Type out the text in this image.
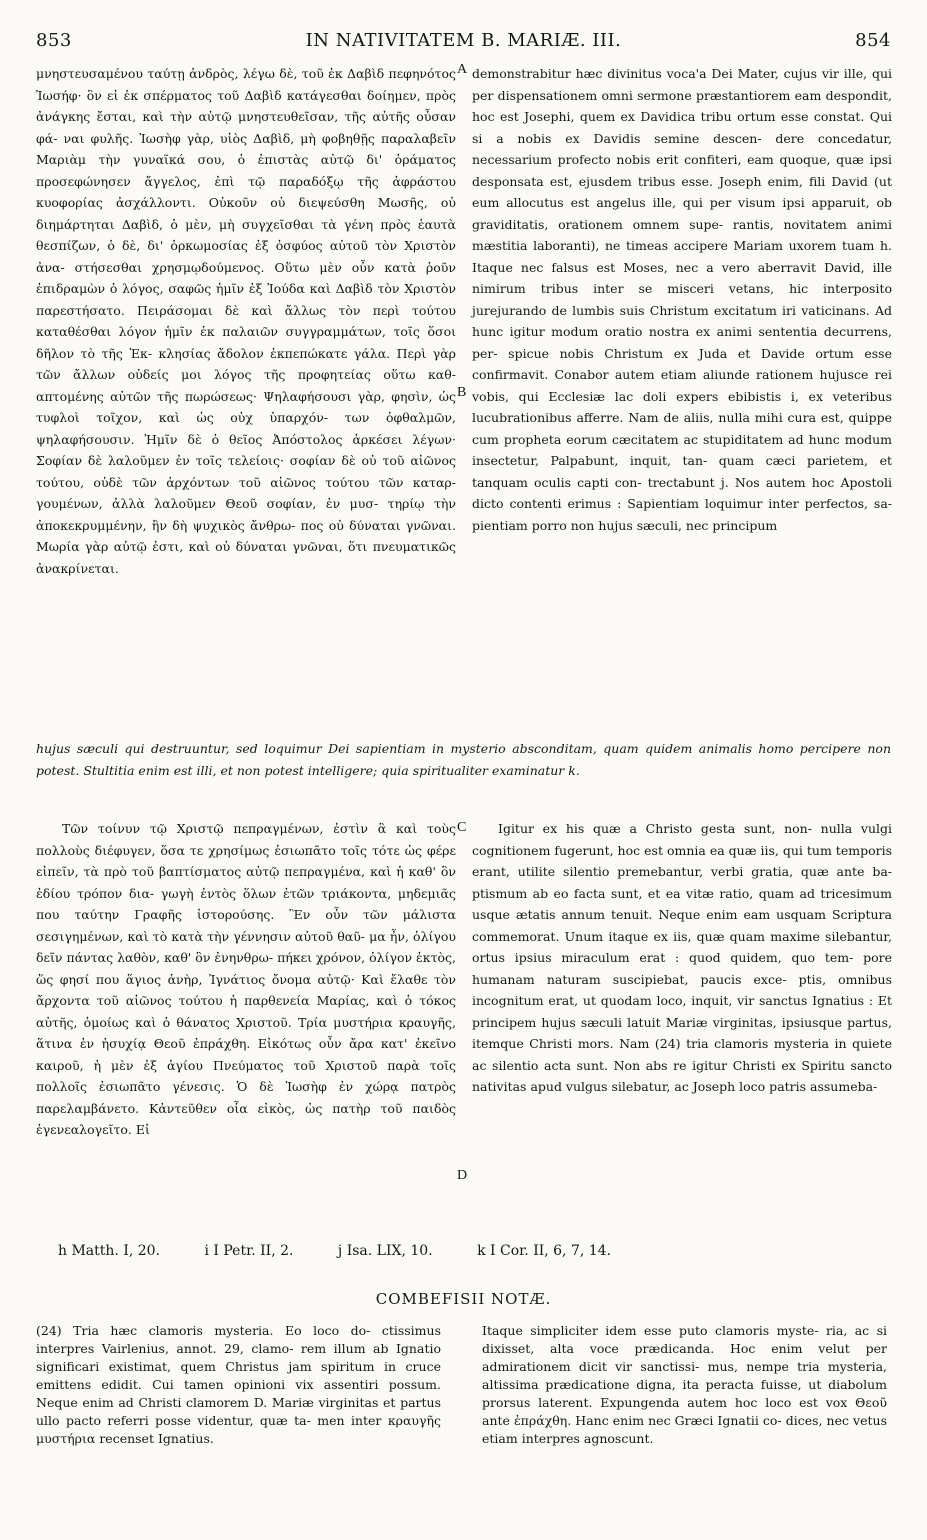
853	IN NATIVITATEM B. MARIÆ. III.	854
A
B
C
D

μνηστευσαμένου ταύτῃ ἀνδρὸς, λέγω δὲ, τοῦ ἐκ Δαβὶδ πεφηνότος Ἰωσήφ· ὃν εἰ ἐκ σπέρματος τοῦ Δαβὶδ κατάγεσθαι δοίημεν, πρὸς ἀνάγκης ἔσται, καὶ τὴν αὐτῷ μνηστευθεῖσαν, τῆς αὐτῆς οὖσαν φά- ναι φυλῆς. Ἰωσὴφ γὰρ, υἱὸς Δαβὶδ, μὴ φοβηθῇς παραλαβεῖν Μαριὰμ τὴν γυναῖκά σου, ὁ ἐπιστὰς αὐτῷ δι' ὁράματος προσεφώνησεν ἄγγελος, ἐπὶ τῷ παραδόξῳ τῆς ἀφράστου κυοφορίας ἀσχάλλοντι. Οὐκοῦν οὐ διεψεύσθη Μωσῆς, οὐ διημάρτηται Δαβὶδ, ὁ μὲν, μὴ συγχεῖσθαι τὰ γένη πρὸς ἑαυτὰ θεσπίζων, ὁ δὲ, δι' ὁρκωμοσίας ἐξ ὀσφύος αὐτοῦ τὸν Χριστὸν ἀνα- στήσεσθαι χρησμῳδούμενος. Οὕτω μὲν οὖν κατὰ ῥοῦν ἐπιδραμὼν ὁ λόγος, σαφῶς ἡμῖν ἐξ Ἰούδα καὶ Δαβὶδ τὸν Χριστὸν παρεστήσατο. Πειράσομαι δὲ καὶ ἄλλως τὸν περὶ τούτου καταθέσθαι λόγον ἡμῖν ἐκ παλαιῶν συγγραμμάτων, τοῖς ὅσοι δῆλον τὸ τῆς Ἐκ- κλησίας ἄδολον ἐκπεπώκατε γάλα. Περὶ γὰρ τῶν ἄλλων οὐδείς μοι λόγος τῆς προφητείας οὕτω καθ- απτομένης αὐτῶν τῆς πωρώσεως· Ψηλαφήσουσι γὰρ, φησὶν, ὡς τυφλοὶ τοῖχον, καὶ ὡς οὐχ ὑπαρχόν- των ὀφθαλμῶν, ψηλαφήσουσιν. Ἡμῖν δὲ ὁ θεῖος Ἀπόστολος ἀρκέσει λέγων· Σοφίαν δὲ λαλοῦμεν ἐν τοῖς τελείοις· σοφίαν δὲ οὐ τοῦ αἰῶνος τούτου, οὐδὲ τῶν ἀρχόντων τοῦ αἰῶνος τούτου τῶν καταρ- γουμένων, ἀλλὰ λαλοῦμεν Θεοῦ σοφίαν, ἐν μυσ- τηρίῳ τὴν ἀποκεκρυμμένην, ἣν δὴ ψυχικὸς ἄνθρω- πος οὐ δύναται γνῶναι. Μωρία γὰρ αὐτῷ ἐστι, καὶ οὐ δύναται γνῶναι, ὅτι πνευματικῶς ἀνακρίνεται.

demonstrabitur hæc divinitus voca'a Dei Mater, cujus vir ille, qui per dispensationem omni sermone præstantiorem eam despondit, hoc est Josephi, quem ex Davidica tribu ortum esse constat. Qui si a nobis ex Davidis semine descen- dere concedatur, necessarium profecto nobis erit confiteri, eam quoque, quæ ipsi desponsata est, ejusdem tribus esse. Joseph enim, fili David (ut eum allocutus est angelus ille, qui per visum ipsi apparuit, ob graviditatis, orationem omnem supe- rantis, novitatem animi mæstitia laboranti), ne timeas accipere Mariam uxorem tuam h. Itaque nec falsus est Moses, nec a vero aberravit David, ille nimirum tribus inter se misceri vetans, hic interposito jurejurando de lumbis suis Christum excitatum iri vaticinans. Ad hunc igitur modum oratio nostra ex animi sententia decurrens, per- spicue nobis Christum ex Juda et Davide ortum esse confirmavit. Conabor autem etiam aliunde rationem hujusce rei vobis, qui Ecclesiæ lac doli expers ebibistis i, ex veteribus lucubrationibus afferre. Nam de aliis, nulla mihi cura est, quippe cum propheta eorum cæcitatem ac stupiditatem ad hunc modum insectetur, Palpabunt, inquit, tan- quam cæci parietem, et tanquam oculis capti con- trectabunt j. Nos autem hoc Apostoli dicto contenti erimus : Sapientiam loquimur inter perfectos, sa- pientiam porro non hujus sæculi, nec principum

hujus sæculi qui destruuntur, sed loquimur Dei sapientiam in mysterio absconditam, quam quidem animalis homo percipere non potest. Stultitia enim est illi, et non potest intelligere; quia spiritualiter examinatur k.

Τῶν τοίνυν τῷ Χριστῷ πεπραγμένων, ἐστὶν ἃ καὶ τοὺς πολλοὺς διέφυγεν, ὅσα τε χρησίμως ἐσιωπᾶτο τοῖς τότε ὡς φέρε εἰπεῖν, τὰ πρὸ τοῦ βαπτίσματος αὐτῷ πεπραγμένα, καὶ ἡ καθ' ὃν ἐδίου τρόπον δια- γωγὴ ἐντὸς ὅλων ἐτῶν τριάκοντα, μηδεμιᾶς που ταύτην Γραφῆς ἱστορούσης. Ἓν οὖν τῶν μάλιστα σεσιγημένων, καὶ τὸ κατὰ τὴν γέννησιν αὐτοῦ θαῦ- μα ἦν, ὀλίγου δεῖν πάντας λαθὸν, καθ' ὃν ἐνηνθρω- πήκει χρόνον, ὀλίγον ἐκτὸς, ὥς φησί που ἅγιος ἀνὴρ, Ἰγνάτιος ὄνομα αὐτῷ· Καὶ ἔλαθε τὸν ἄρχοντα τοῦ αἰῶνος τούτου ἡ παρθενεία Μαρίας, καὶ ὁ τόκος αὐτῆς, ὁμοίως καὶ ὁ θάνατος Χριστοῦ. Τρία μυστήρια κραυγῆς, ἅτινα ἐν ἡσυχίᾳ Θεοῦ ἐπράχθη. Εἰκότως οὖν ἄρα κατ' ἐκεῖνο καιροῦ, ἡ μὲν ἐξ ἁγίου Πνεύματος τοῦ Χριστοῦ παρὰ τοῖς πολλοῖς ἐσιωπᾶτο γένεσις. Ὁ δὲ Ἰωσὴφ ἐν χώρᾳ πατρὸς παρελαμβάνετο. Κἀντεῦθεν οἷα εἰκὸς, ὡς πατὴρ τοῦ παιδὸς ἐγενεαλογεῖτο. Εἰ

Igitur ex his quæ a Christo gesta sunt, non- nulla vulgi cognitionem fugerunt, hoc est omnia ea quæ iis, qui tum temporis erant, utilite silentio premebantur, verbi gratia, quæ ante ba- ptismum ab eo facta sunt, et ea vitæ ratio, quam ad tricesimum usque ætatis annum tenuit. Neque enim eam usquam Scriptura commemorat. Unum itaque ex iis, quæ quam maxime silebantur, ortus ipsius miraculum erat : quod quidem, quo tem- pore humanam naturam suscipiebat, paucis exce- ptis, omnibus incognitum erat, ut quodam loco, inquit, vir sanctus Ignatius : Et principem hujus sæculi latuit Mariæ virginitas, ipsiusque partus, itemque Christi mors. Nam (24) tria clamoris mysteria in quiete ac silentio acta sunt. Non abs re igitur Christi ex Spiritu sancto nativitas apud vulgus silebatur, ac Joseph loco patris assumeba-

h Matth. I, 20.	i I Petr. II, 2.	j Isa. LIX, 10.	k I Cor. II, 6, 7, 14.
COMBEFISII NOTÆ.

(24) Tria hæc clamoris mysteria. Eo loco do- ctissimus interpres Vairlenius, annot. 29, clamo- rem illum ab Ignatio significari existimat, quem Christus jam spiritum in cruce emittens edidit. Cui tamen opinioni vix assentiri possum. Neque enim ad Christi clamorem D. Mariæ virginitas et partus ullo pacto referri posse videntur, quæ ta- men inter κραυγῆς μυστήρια recenset Ignatius.

Itaque simpliciter idem esse puto clamoris myste- ria, ac si dixisset, alta voce prædicanda. Hoc enim velut per admirationem dicit vir sanctissi- mus, nempe tria mysteria, altissima prædicatione digna, ita peracta fuisse, ut diabolum prorsus laterent. Expungenda autem hoc loco est vox Θεοῦ ante ἐπράχθη. Hanc enim nec Græci Ignatii co- dices, nec vetus etiam interpres agnoscunt.
